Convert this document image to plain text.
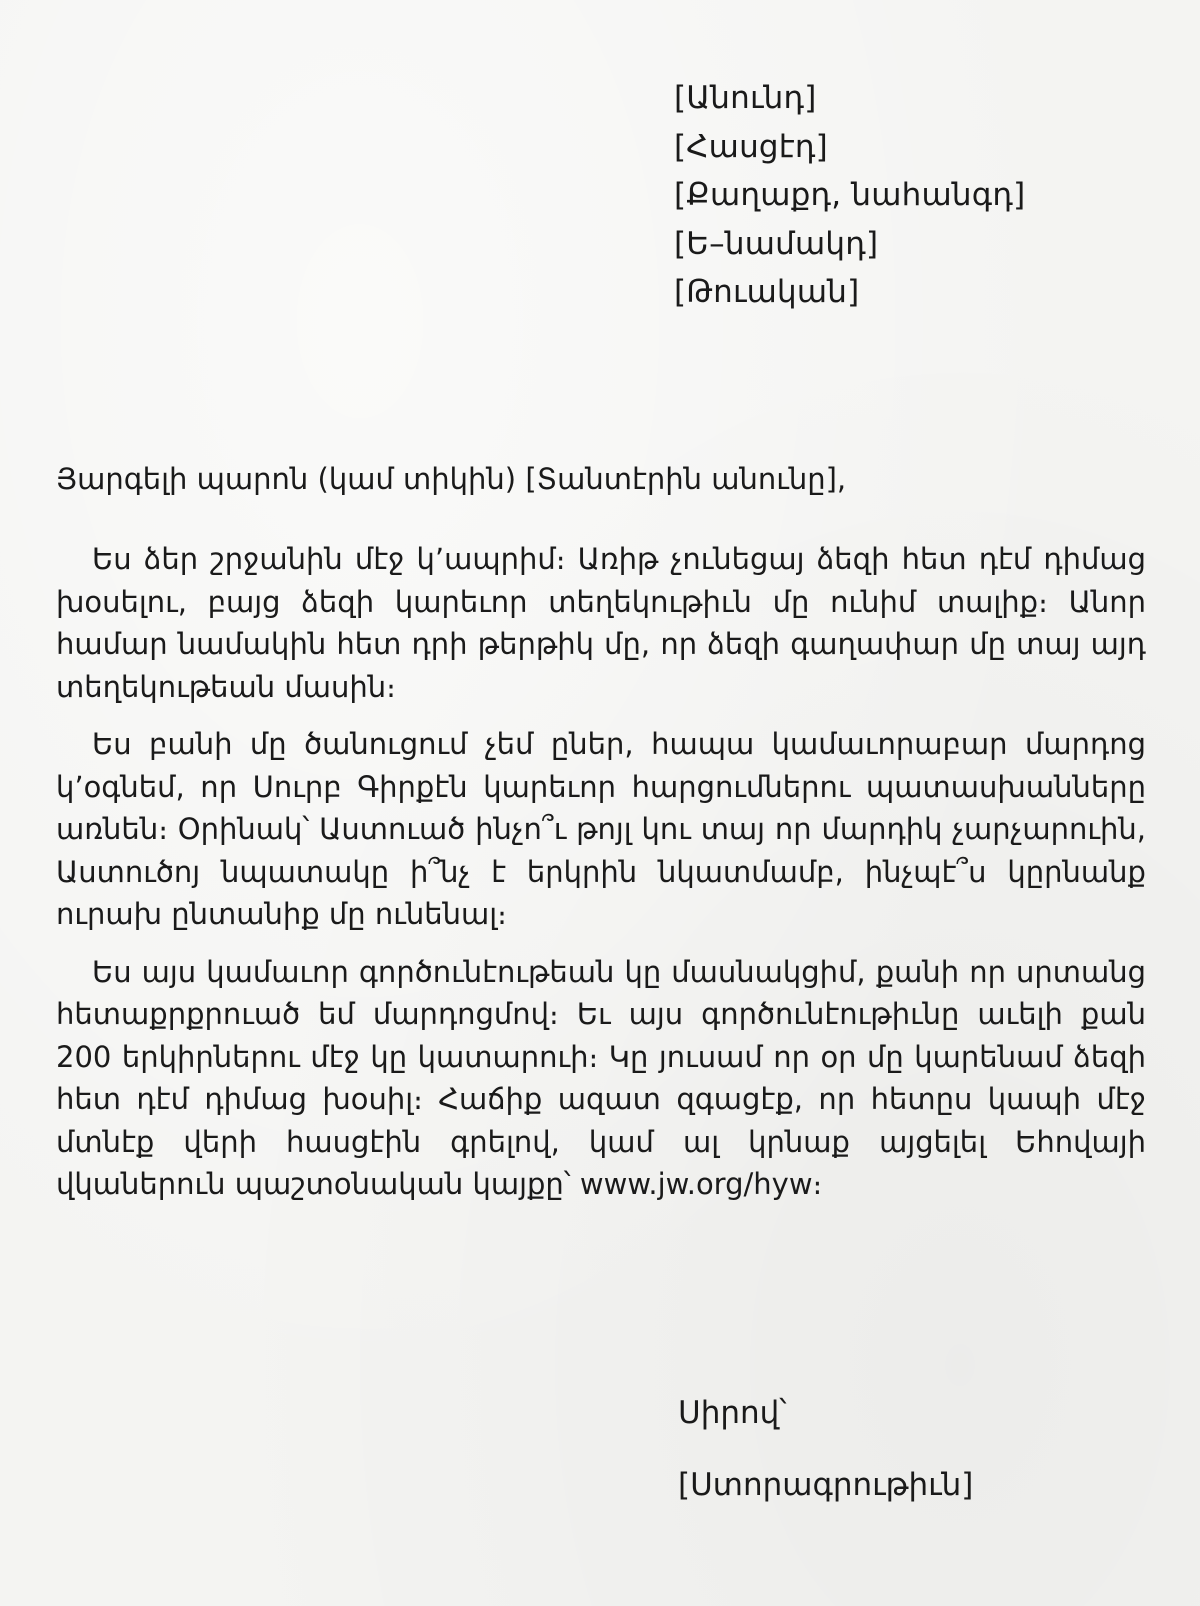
[Անունդ]
[Հասցէդ]
[Քաղաքդ, նահանգդ]
[Ե–նամակդ]
[Թուական]
Յարգելի պարոն (կամ տիկին) [Տանտէրին անունը],

Ես ձեր շրջանին մէջ կ’ապրիմ։ Առիթ չունեցայ ձեզի հետ դէմ դիմաց խօսելու, բայց ձեզի կարեւոր տեղեկութիւն մը ունիմ տալիք։ Անոր համար նամակին հետ դրի թերթիկ մը, որ ձեզի գաղափար մը տայ այդ տեղեկութեան մասին։

Ես բանի մը ծանուցում չեմ ըներ, հապա կամաւորաբար մարդոց կ’օգնեմ, որ Սուրբ Գիրքէն կարեւոր հարցումներու պատասխանները առնեն։ Օրինակ՝ Աստուած ինչո՞ւ թոյլ կու տայ որ մարդիկ չարչարուին, Աստուծոյ նպատակը ի՞նչ է երկրին նկատմամբ, ինչպէ՞ս կըրնանք ուրախ ընտանիք մը ունենալ։

Ես այս կամաւոր գործունէութեան կը մասնակցիմ, քանի որ սրտանց հետաքրքրուած եմ մարդոցմով։ Եւ այս գործունէութիւնը աւելի քան 200 երկիրներու մէջ կը կատարուի։ Կը յուսամ որ օր մը կարենամ ձեզի հետ դէմ դիմաց խօսիլ։ Հաճիք ազատ զգացէք, որ հետըս կապի մէջ մտնէք վերի հասցէին գրելով, կամ ալ կրնաք այցելել Եհովայի վկաներուն պաշտօնական կայքը՝ www.jw.org/hyw։

Սիրով՝
[Ստորագրութիւն]
